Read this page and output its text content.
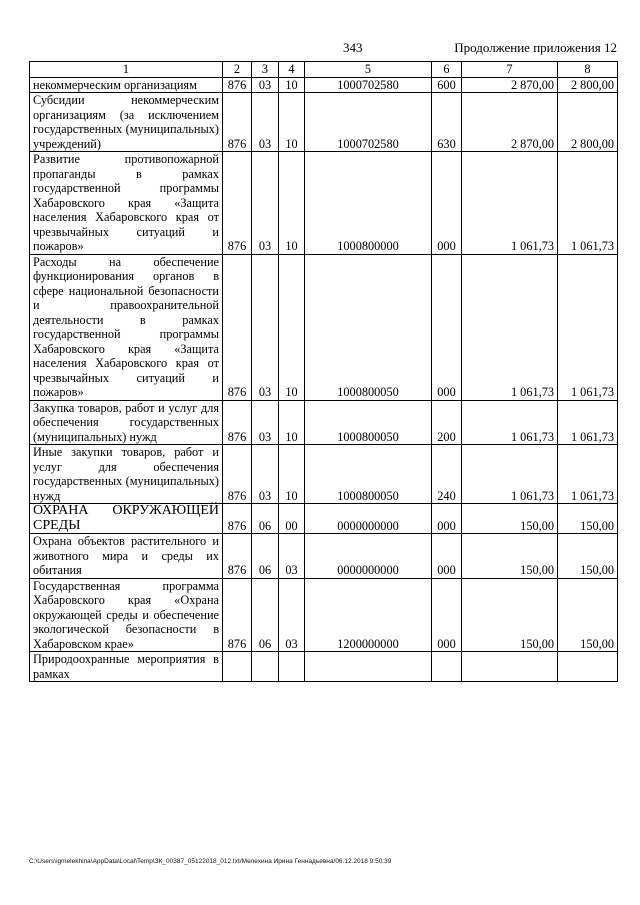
343	Продолжение приложения 12
1	2	3	4	5	6	7	8
некоммерческим организациям	876	03	10	1000702580	600	2 870,00	2 800,00
Субсидии некоммерческим организациям (за исключением государственных (муниципальных) учреждений)	876	03	10	1000702580	630	2 870,00	2 800,00
Развитие противопожарной пропаганды в рамках государственной программы Хабаровского края «Защита населения Хабаровского края от чрезвычайных ситуаций и пожаров»	876	03	10	1000800000	000	1 061,73	1 061,73
Расходы на обеспечение функционирования органов в сфере национальной безопасности и правоохранительной деятельности в рамках государственной программы Хабаровского края «Защита населения Хабаровского края от чрезвычайных ситуаций и пожаров»	876	03	10	1000800050	000	1 061,73	1 061,73
Закупка товаров, работ и услуг для обеспечения государственных (муниципальных) нужд	876	03	10	1000800050	200	1 061,73	1 061,73
Иные закупки товаров, работ и услуг для обеспечения государственных (муниципальных) нужд	876	03	10	1000800050	240	1 061,73	1 061,73
ОХРАНА ОКРУЖАЮЩЕЙ СРЕДЫ	876	06	00	0000000000	000	150,00	150,00
Охрана объектов растительного и животного мира и среды их обитания	876	06	03	0000000000	000	150,00	150,00
Государственная программа Хабаровского края «Охрана окружающей среды и обеспечение экологической безопасности в Хабаровском крае»	876	06	03	1200000000	000	150,00	150,00
Природоохранные мероприятия в рамках							
C:\Users\igmelekhina\AppData\Local\Temp\ЗК_00387_05122018_012.txt/Мелехина Ирина Геннадьевна/06.12.2018 9:50:39
